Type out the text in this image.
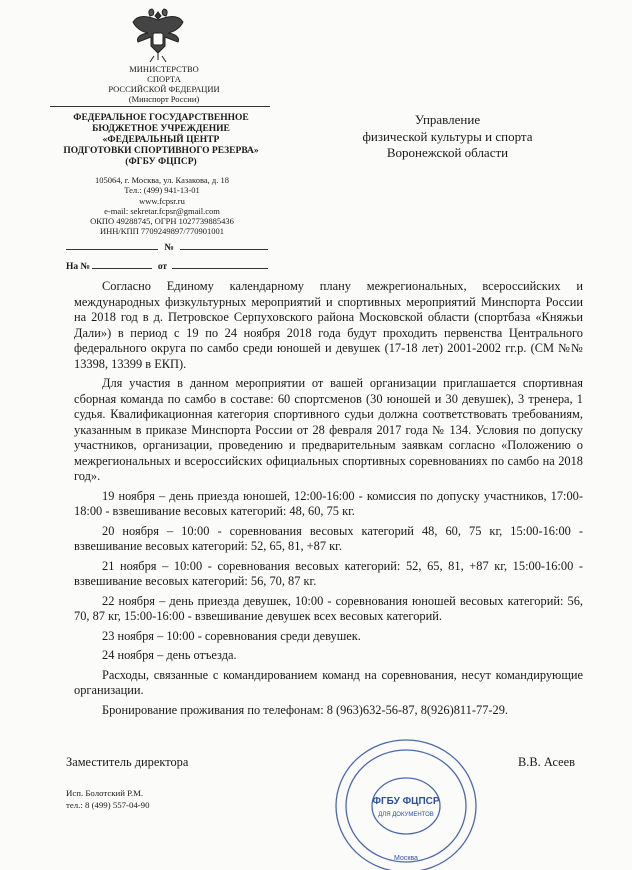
МИНИСТЕРСТВО
СПОРТА
РОССИЙСКОЙ ФЕДЕРАЦИИ
(Минспорт России)
ФЕДЕРАЛЬНОЕ ГОСУДАРСТВЕННОЕ
БЮДЖЕТНОЕ УЧРЕЖДЕНИЕ
«ФЕДЕРАЛЬНЫЙ ЦЕНТР
ПОДГОТОВКИ СПОРТИВНОГО РЕЗЕРВА»
(ФГБУ ФЦПСР)
105064, г. Москва, ул. Казакова, д. 18
Тел.: (499) 941-13-01
www.fcpsr.ru
e-mail: sekretar.fcpsr@gmail.com
ОКПО 49288745, ОГРН 1027739885436
ИНН/КПП 7709249897/770901001
№
На №	от
Управление
физической культуры и спорта
Воронежской области

Согласно Единому календарному плану межрегиональных, всероссийских и международных физкультурных мероприятий и спортивных мероприятий Минспорта России на 2018 год в д. Петровское Серпуховского района Московской области (спортбаза «Княжьи Дали») в период с 19 по 24 ноября 2018 года будут проходить первенства Центрального федерального округа по самбо среди юношей и девушек (17-18 лет) 2001-2002 гг.р. (СМ №№ 13398, 13399 в ЕКП).

Для участия в данном мероприятии от вашей организации приглашается спортивная сборная команда по самбо в составе: 60 спортсменов (30 юношей и 30 девушек), 3 тренера, 1 судья. Квалификационная категория спортивного судьи должна соответствовать требованиям, указанным в приказе Минспорта России от 28 февраля 2017 года № 134. Условия по допуску участников, организации, проведению и предварительным заявкам согласно «Положению о межрегиональных и всероссийских официальных спортивных соревнованиях по самбо на 2018 год».

19 ноября – день приезда юношей, 12:00-16:00 - комиссия по допуску участников, 17:00-18:00 - взвешивание весовых категорий: 48, 60, 75 кг.

20 ноября – 10:00 - соревнования весовых категорий 48, 60, 75 кг, 15:00-16:00 - взвешивание весовых категорий: 52, 65, 81, +87 кг.

21 ноября – 10:00 - соревнования весовых категорий: 52, 65, 81, +87 кг, 15:00-16:00 - взвешивание весовых категорий: 56, 70, 87 кг.

22 ноября – день приезда девушек, 10:00 - соревнования юношей весовых категорий: 56, 70, 87 кг, 15:00-16:00 - взвешивание девушек всех весовых категорий.

23 ноября – 10:00 - соревнования среди девушек.

24 ноября – день отъезда.

Расходы, связанные с командированием команд на соревнования, несут командирующие организации.

Бронирование проживания по телефонам: 8 (963)632-56-87, 8(926)811-77-29.

Заместитель директора	В.В. Асеев
Исп. Болотский Р.М.
тел.: 8 (499) 557-04-90	ФГБУ ФЦПСР
ДЛЯ ДОКУМЕНТОВ
Москва
